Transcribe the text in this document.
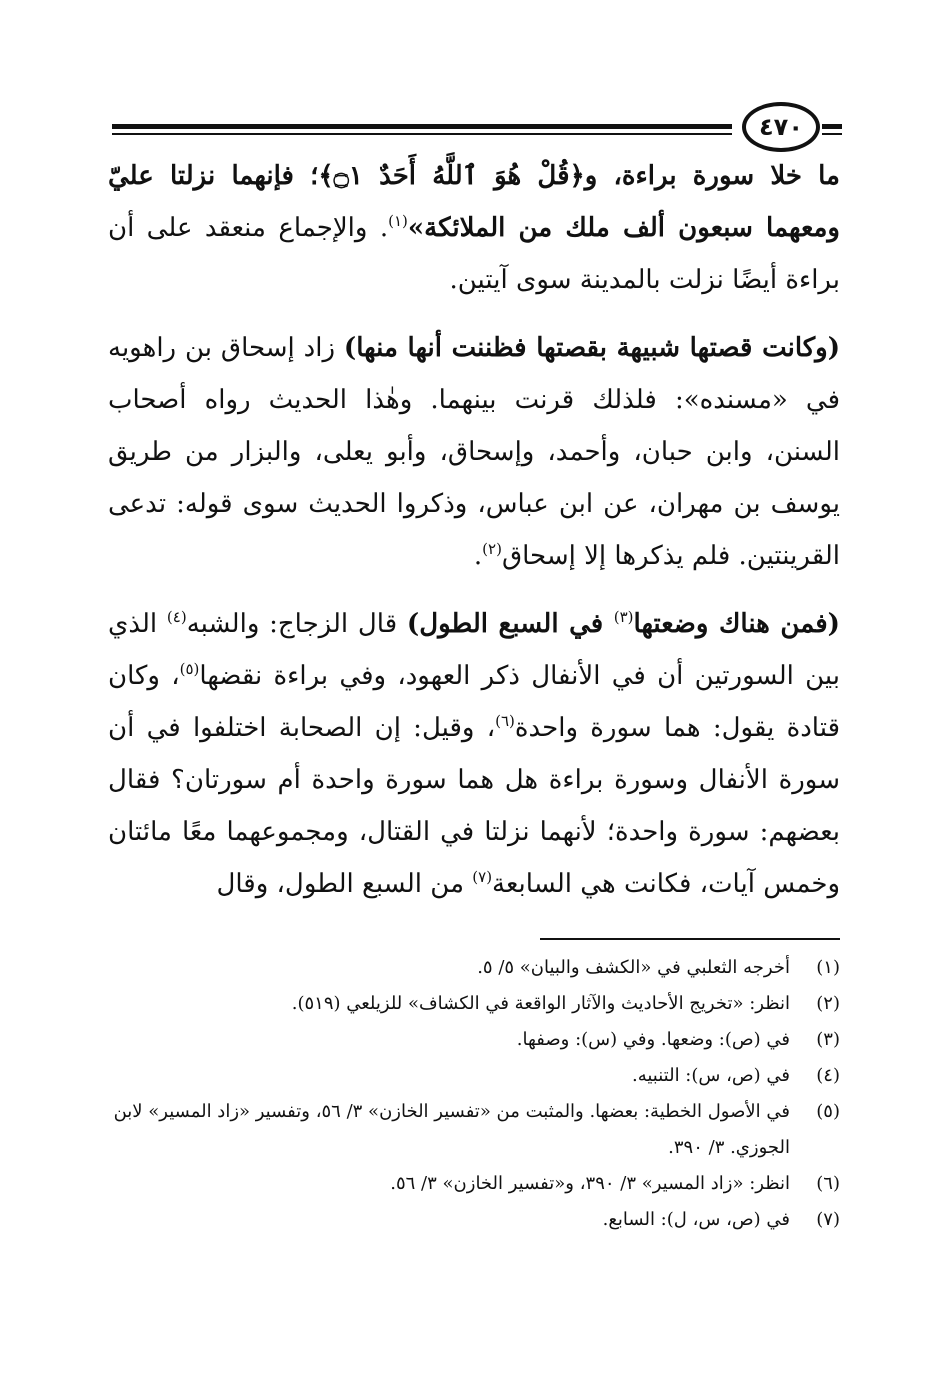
٤٧٠

ما خلا سورة براءة، و﴿قُلْ هُوَ ٱللَّهُ أَحَدٌ ۝١﴾؛ فإنهما نزلتا عليّ ومعهما سبعون ألف ملك من الملائكة»$^{(١)}$. والإجماع منعقد على أن براءة أيضًا نزلت بالمدينة سوى آيتين.

(وكانت قصتها شبيهة بقصتها فظننت أنها منها) زاد إسحاق بن راهويه في «مسنده»: فلذلك قرنت بينهما. وهٰذا الحديث رواه أصحاب السنن، وابن حبان، وأحمد، وإسحاق، وأبو يعلى، والبزار من طريق يوسف بن مهران، عن ابن عباس، وذكروا الحديث سوى قوله: تدعى القرينتين. فلم يذكرها إلا إسحاق$^{(٢)}$.

(فمن هناك وضعتها$^{(٣)}$ في السبع الطول) قال الزجاج: والشبه$^{(٤)}$ الذي بين السورتين أن في الأنفال ذكر العهود، وفي براءة نقضها$^{(٥)}$، وكان قتادة يقول: هما سورة واحدة$^{(٦)}$، وقيل: إن الصحابة اختلفوا في أن سورة الأنفال وسورة براءة هل هما سورة واحدة أم سورتان؟ فقال بعضهم: سورة واحدة؛ لأنهما نزلتا في القتال، ومجموعهما معًا مائتان وخمس آيات، فكانت هي السابعة$^{(٧)}$ من السبع الطول، وقال

(١)
أخرجه الثعلبي في «الكشف والبيان» ٥/ ٥.
(٢)
انظر: «تخريج الأحاديث والآثار الواقعة في الكشاف» للزيلعي (٥١٩).
(٣)
في (ص): وضعها. وفي (س): وصفها.
(٤)
في (ص، س): التنبيه.
(٥)
في الأصول الخطية: بعضها. والمثبت من «تفسير الخازن» ٣/ ٥٦، وتفسير «زاد المسير» لابن الجوزي. ٣/ ٣٩٠.
(٦)
انظر: «زاد المسير» ٣/ ٣٩٠، و«تفسير الخازن» ٣/ ٥٦.
(٧)
في (ص، س، ل): السابع.
